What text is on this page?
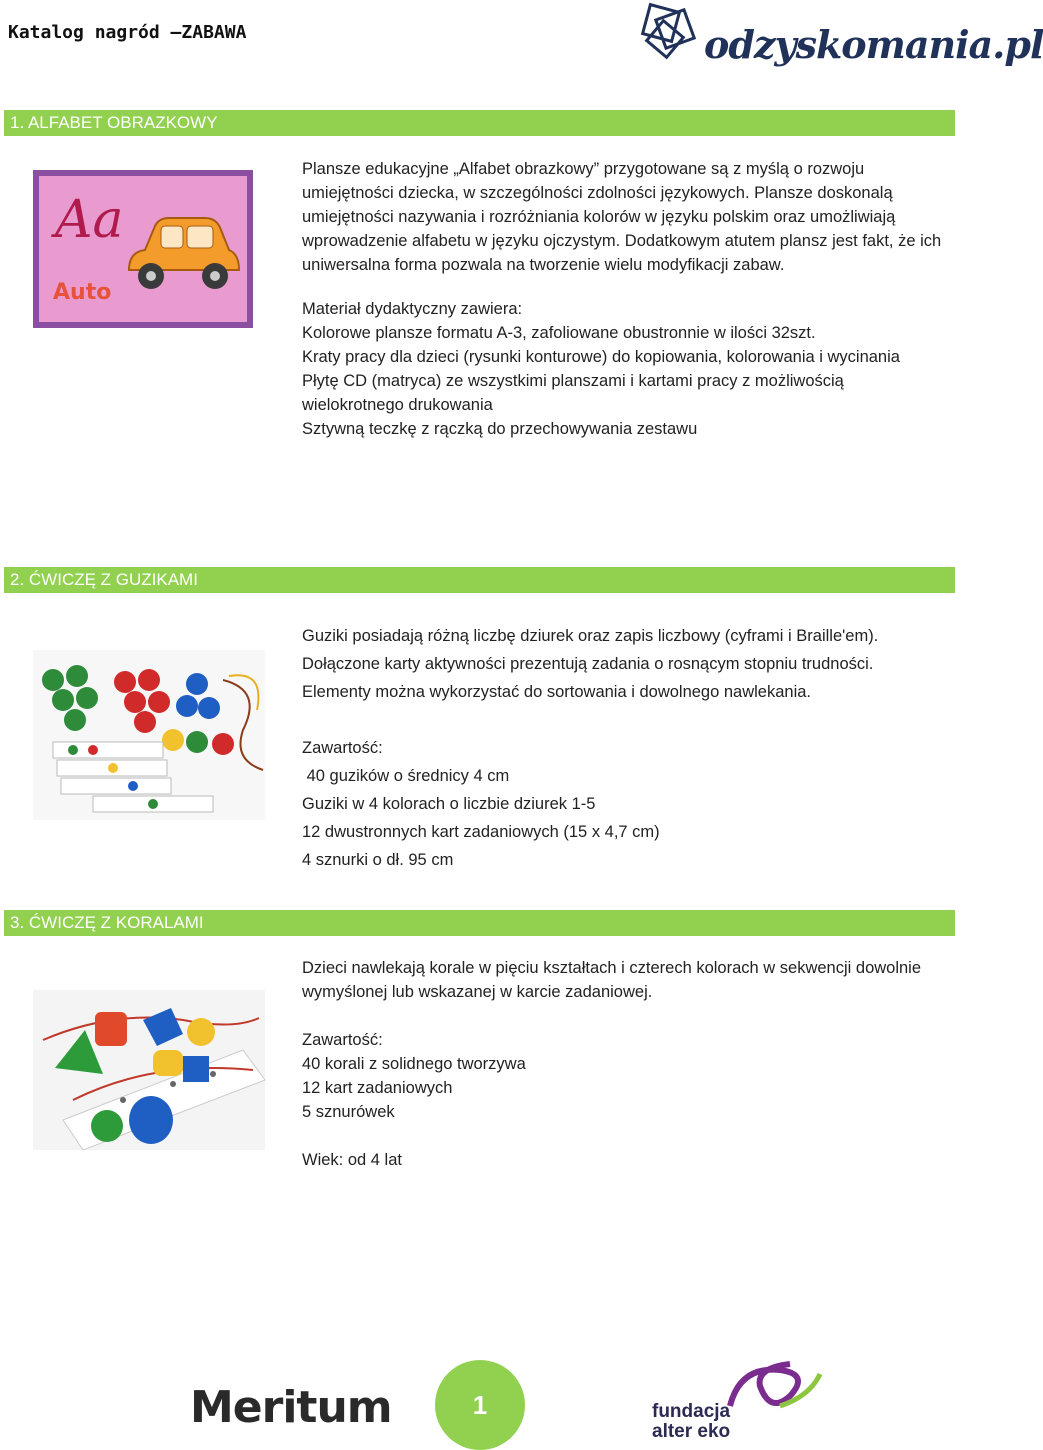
Katalog nagród –ZABAWA	odzyskomania.pl
1. ALFABET OBRAZKOWY
Aa
Auto

Plansze edukacyjne „Alfabet obrazkowy” przygotowane są z myślą o rozwoju umiejętności dziecka, w szczególności zdolności językowych. Plansze doskonalą umiejętności nazywania i rozróżniania kolorów w języku polskim oraz umożliwiają wprowadzenie alfabetu w języku ojczystym. Dodatkowym atutem plansz jest fakt, że ich uniwersalna forma pozwala na tworzenie wielu modyfikacji zabaw.

Materiał dydaktyczny zawiera:

Kolorowe plansze formatu A-3, zafoliowane obustronnie w ilości 32szt.

Kraty pracy dla dzieci (rysunki konturowe) do kopiowania, kolorowania i wycinania

Płytę CD (matryca) ze wszystkimi planszami i kartami pracy z możliwością wielokrotnego drukowania

Sztywną teczkę z rączką do przechowywania zestawu

2. ĆWICZĘ Z GUZIKAMI

Guziki posiadają różną liczbę dziurek oraz zapis liczbowy (cyframi i Braille'em).

Dołączone karty aktywności prezentują zadania o rosnącym stopniu trudności.

Elementy można wykorzystać do sortowania i dowolnego nawlekania.

Zawartość:

40 guzików o średnicy 4 cm

Guziki w 4 kolorach o liczbie dziurek 1-5

12 dwustronnych kart zadaniowych (15 x 4,7 cm)

4 sznurki o dł. 95 cm

3. ĆWICZĘ Z KORALAMI

Dzieci nawlekają korale w pięciu kształtach i czterech kolorach w sekwencji dowolnie wymyślonej lub wskazanej w karcie zadaniowej.

Zawartość:

40 korali z solidnego tworzywa

12 kart zadaniowych

5 sznurówek

Wiek: od 4 lat

Meritum	1	fundacja
alter eko
